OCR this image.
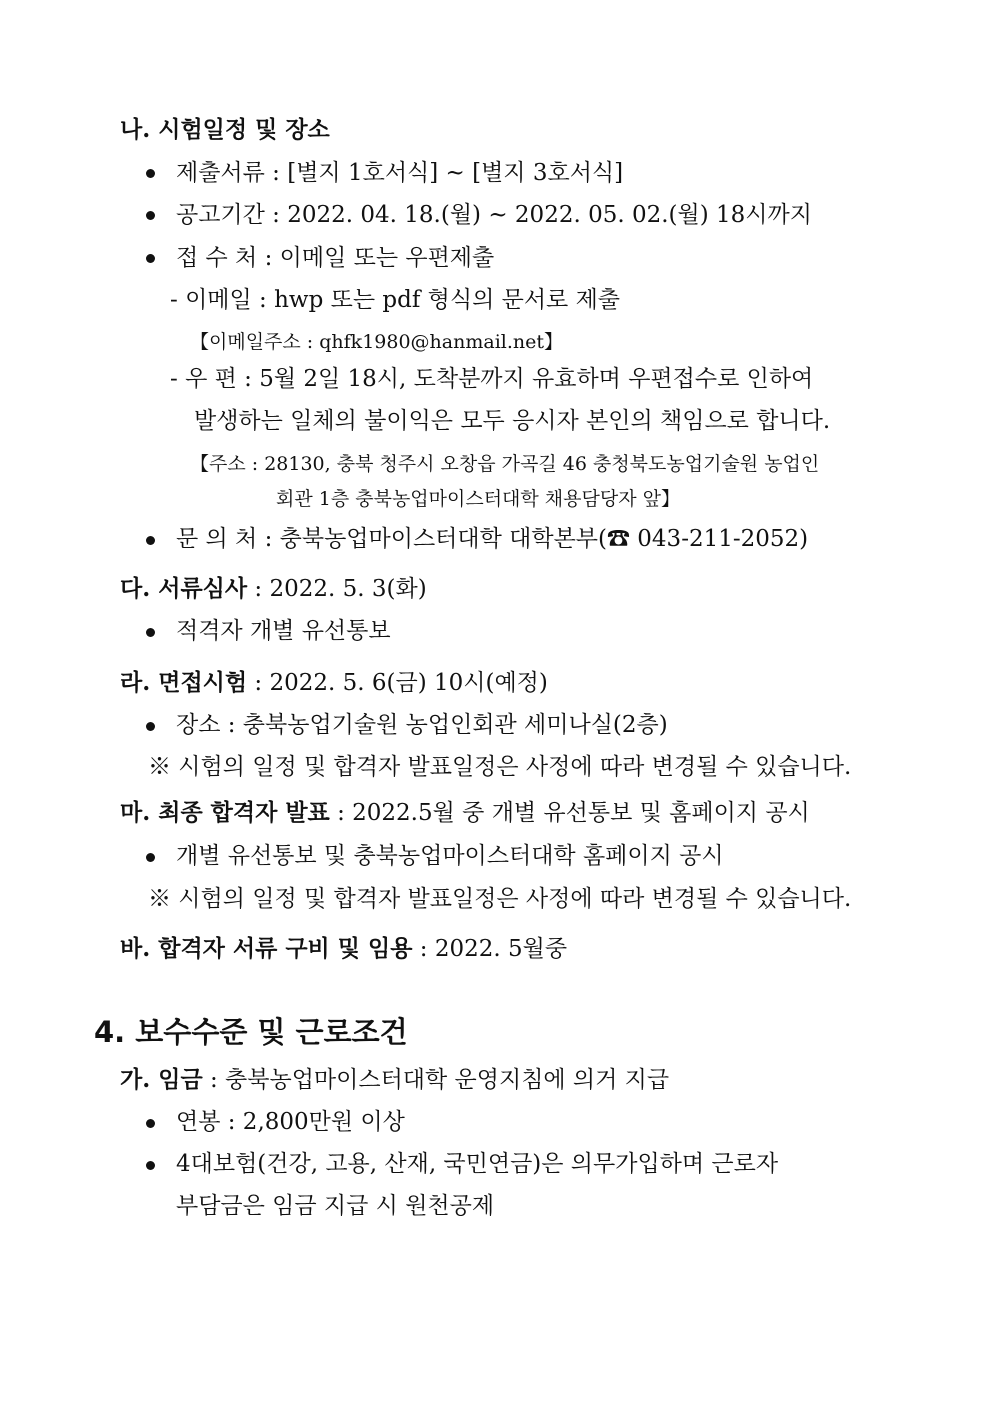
나. 시험일정 및 장소
제출서류 : [별지 1호서식] ~ [별지 3호서식]
공고기간 : 2022. 04. 18.(월) ~ 2022. 05. 02.(월) 18시까지
접 수 처 : 이메일 또는 우편제출
- 이메일 : hwp 또는 pdf 형식의 문서로 제출
【이메일주소 : qhfk1980@hanmail.net】
- 우 편 : 5월 2일 18시, 도착분까지 유효하며 우편접수로 인하여
발생하는 일체의 불이익은 모두 응시자 본인의 책임으로 합니다.
【주소 : 28130, 충북 청주시 오창읍 가곡길 46 충청북도농업기술원 농업인
회관 1층 충북농업마이스터대학 채용담당자 앞】
문 의 처 : 충북농업마이스터대학 대학본부(☎ 043-211-2052)
다. 서류심사 : 2022. 5. 3(화)
적격자 개별 유선통보
라. 면접시험 : 2022. 5. 6(금) 10시(예정)
장소 : 충북농업기술원 농업인회관 세미나실(2층)
※ 시험의 일정 및 합격자 발표일정은 사정에 따라 변경될 수 있습니다.
마. 최종 합격자 발표 : 2022.5월 중 개별 유선통보 및 홈페이지 공시
개별 유선통보 및 충북농업마이스터대학 홈페이지 공시
※ 시험의 일정 및 합격자 발표일정은 사정에 따라 변경될 수 있습니다.
바. 합격자 서류 구비 및 임용 : 2022. 5월중
4. 보수수준 및 근로조건
가. 임금 : 충북농업마이스터대학 운영지침에 의거 지급
연봉 : 2,800만원 이상
4대보험(건강, 고용, 산재, 국민연금)은 의무가입하며 근로자
부담금은 임금 지급 시 원천공제
